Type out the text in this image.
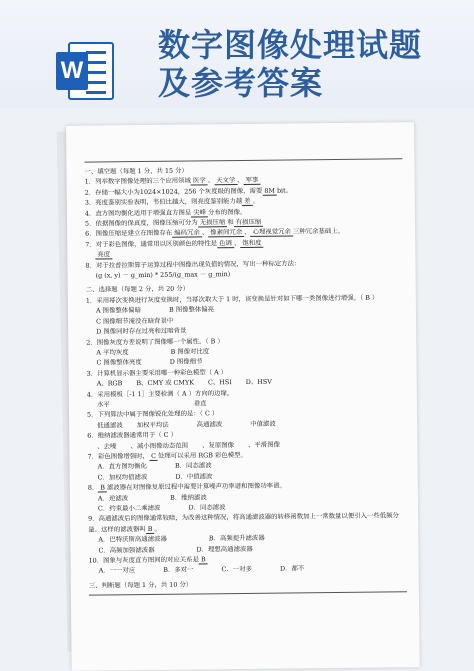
W
数字图像处理试题
及参考答案
一、填空题（每题 1 分，共 15 分）
1．列举数字图像处理的三个应用领域 医学 、 天文学 、 军事
2．存储一幅大小为1024×1024，256 个灰度级的图像，需要 8M bit。
3．亮度鉴别实验表明，韦伯比越大，则亮度鉴别能力越 差 。
4．直方图均衡化适用于增强直方图呈 尖峰 分布的图像。
5．依据图像的保真度，图像压缩可分为 无损压缩 和 有损压缩
6．图像压缩是建立在图像存在 编码冗余 、 像素间冗余 、 心理视觉冗余 三种冗余基础上。
7．对于彩色图像，通常用以区别颜色的特性是 色调 、 饱和度
亮度
8．对于拉普拉斯算子运算过程中图像出现负值的情况，写出一种标定方法：
(g (x, y) － g_min) * 255/(g_max － g_min)
二、选择题（每题 2 分，共 20 分）
1．采用幂次变换进行灰度变换时，当幂次取大于 1 时，该变换是针对如下哪一类图像进行增强。（ B ）
A 图像整体偏暗	B 图像整体偏亮
C 图像细节淹没在暗背景中
D 图像同时存在过亮和过暗背景
2．图像灰度方差说明了图像哪一个属性。（ B ）
A 平均灰度	B 图像对比度
C 图像整体亮度	D 图像细节
3．计算机显示器主要采用哪一种彩色模型（ A ）
A、RGB B、CMY 或 CMYK C、HSI D、HSV
4．采用模板［-1 1］主要检测（ A ）方向的边缘。
水平	垂直
5．下列算法中属于图像锐化处理的是：（ C ）
低通滤波 加权平均法	高通滤波	中值滤波
6．维纳滤波器通常用于（ C ）
、去噪 、减小图像动态范围 、复原图像 、平滑图像
7．彩色图像增强时， C 处理可以采用 RGB 彩色模型。
A．直方图均衡化	B．同态滤波
C．加权均值滤波	D．中值滤波
8． B 滤波器在对图像复原过程中需要计算噪声功率谱和图像功率谱。
A．逆滤波	B．维纳滤波
C．约束最小二乘滤波	D．同态滤波
9．高通滤波后的图像通常较暗，为改善这种情况，将高通滤波器的转移函数加上一常数量以便引入一些低频分量。这样的滤波器叫 B 。
A．巴特沃斯高通滤波器	B．高频提升滤波器
C．高频加强滤波器	D．理想高通滤波器
10．图象与灰度直方图间的对应关系是 B
A．一一对应	B．多对一	C．一对多	D．都不
三、判断题（每题 1 分，共 10 分）
